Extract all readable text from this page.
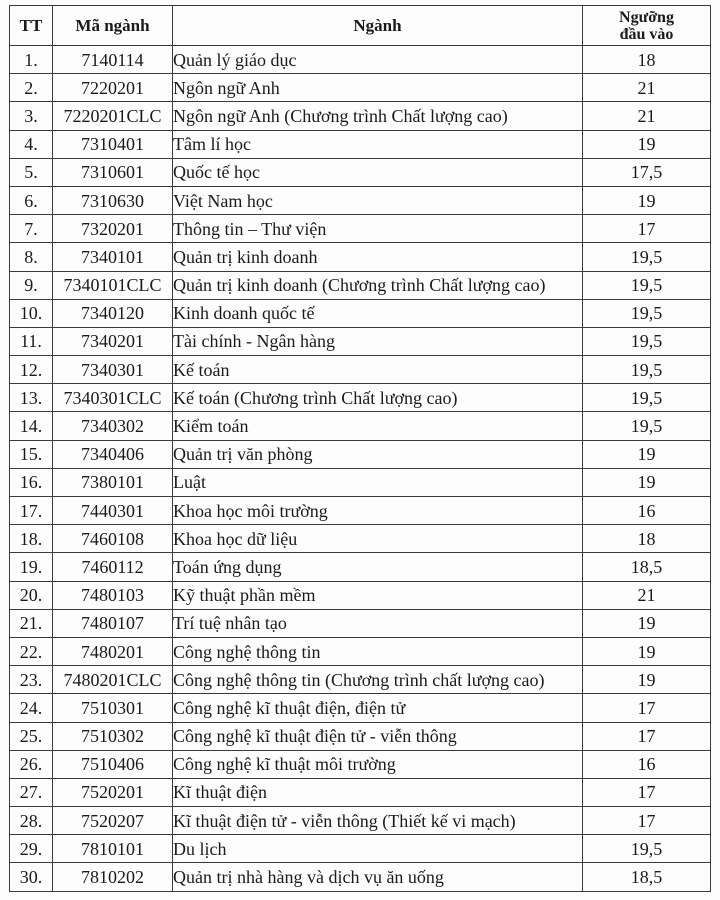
TT	Mã ngành	Ngành	Ngưỡng
đầu vào

1.	7140114	Quản lý giáo dục	18
2.	7220201	Ngôn ngữ Anh	21
3.	7220201CLC	Ngôn ngữ Anh (Chương trình Chất lượng cao)	21
4.	7310401	Tâm lí học	19
5.	7310601	Quốc tế học	17,5
6.	7310630	Việt Nam học	19
7.	7320201	Thông tin – Thư viện	17
8.	7340101	Quản trị kinh doanh	19,5
9.	7340101CLC	Quản trị kinh doanh (Chương trình Chất lượng cao)	19,5
10.	7340120	Kinh doanh quốc tế	19,5
11.	7340201	Tài chính - Ngân hàng	19,5
12.	7340301	Kế toán	19,5
13.	7340301CLC	Kế toán (Chương trình Chất lượng cao)	19,5
14.	7340302	Kiểm toán	19,5
15.	7340406	Quản trị văn phòng	19
16.	7380101	Luật	19
17.	7440301	Khoa học môi trường	16
18.	7460108	Khoa học dữ liệu	18
19.	7460112	Toán ứng dụng	18,5
20.	7480103	Kỹ thuật phần mềm	21
21.	7480107	Trí tuệ nhân tạo	19
22.	7480201	Công nghệ thông tin	19
23.	7480201CLC	Công nghệ thông tin (Chương trình chất lượng cao)	19
24.	7510301	Công nghệ kĩ thuật điện, điện tử	17
25.	7510302	Công nghệ kĩ thuật điện tử - viễn thông	17
26.	7510406	Công nghệ kĩ thuật môi trường	16
27.	7520201	Kĩ thuật điện	17
28.	7520207	Kĩ thuật điện tử - viễn thông (Thiết kế vi mạch)	17
29.	7810101	Du lịch	19,5
30.	7810202	Quản trị nhà hàng và dịch vụ ăn uống	18,5
